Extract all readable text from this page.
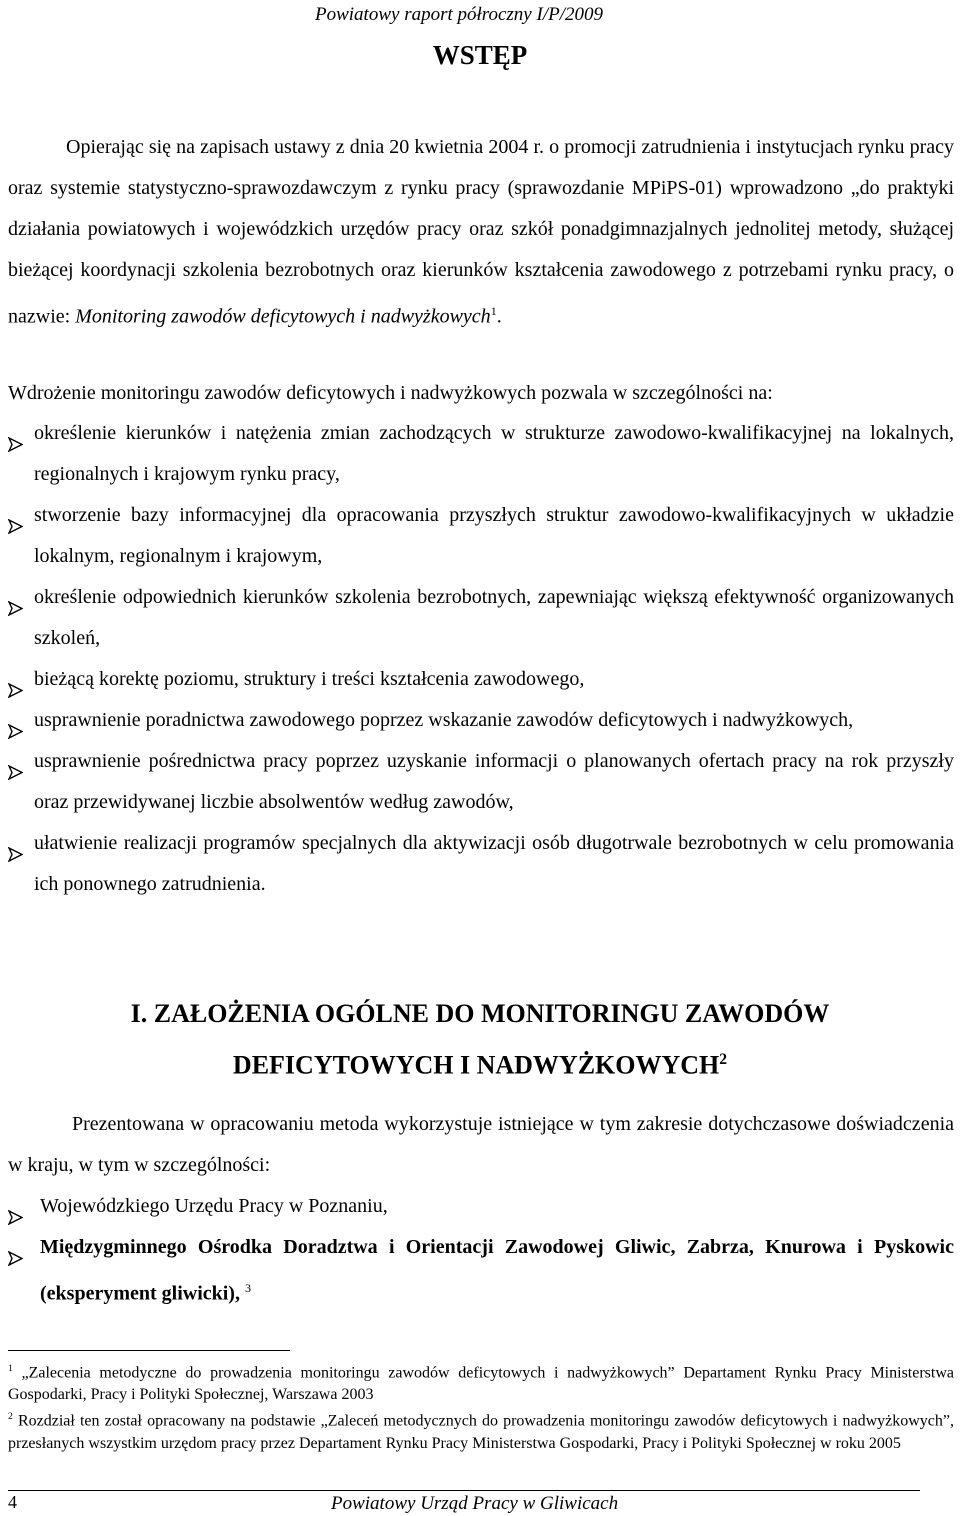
Powiatowy raport półroczny I/P/2009
WSTĘP
Opierając się na zapisach ustawy z dnia 20 kwietnia 2004 r. o promocji zatrudnienia i instytucjach rynku pracy oraz systemie statystyczno-sprawozdawczym z rynku pracy (sprawozdanie MPiPS-01) wprowadzono „do praktyki działania powiatowych i wojewódzkich urzędów pracy oraz szkół ponadgimnazjalnych jednolitej metody, służącej bieżącej koordynacji szkolenia bezrobotnych oraz kierunków kształcenia zawodowego z potrzebami rynku pracy, o nazwie: Monitoring zawodów deficytowych i nadwyżkowych$^1$.
Wdrożenie monitoringu zawodów deficytowych i nadwyżkowych pozwala w szczególności na:
określenie kierunków i natężenia zmian zachodzących w strukturze zawodowo-kwalifikacyjnej na lokalnych, regionalnych i krajowym rynku pracy,
stworzenie bazy informacyjnej dla opracowania przyszłych struktur zawodowo-kwalifikacyjnych w układzie lokalnym, regionalnym i krajowym,
określenie odpowiednich kierunków szkolenia bezrobotnych, zapewniając większą efektywność organizowanych szkoleń,
bieżącą korektę poziomu, struktury i treści kształcenia zawodowego,
usprawnienie poradnictwa zawodowego poprzez wskazanie zawodów deficytowych i nadwyżkowych,
usprawnienie pośrednictwa pracy poprzez uzyskanie informacji o planowanych ofertach pracy na rok przyszły oraz przewidywanej liczbie absolwentów według zawodów,
ułatwienie realizacji programów specjalnych dla aktywizacji osób długotrwale bezrobotnych w celu promowania ich ponownego zatrudnienia.
I. ZAŁOŻENIA OGÓLNE DO MONITORINGU ZAWODÓW
DEFICYTOWYCH I NADWYŻKOWYCH$^2$
Prezentowana w opracowaniu metoda wykorzystuje istniejące w tym zakresie dotychczasowe doświadczenia w kraju, w tym w szczególności:
Wojewódzkiego Urzędu Pracy w Poznaniu,
Międzygminnego Ośrodka Doradztwa i Orientacji Zawodowej Gliwic, Zabrza, Knurowa i Pyskowic (eksperyment gliwicki), $^3$

$^1$ „Zalecenia metodyczne do prowadzenia monitoringu zawodów deficytowych i nadwyżkowych” Departament Rynku Pracy Ministerstwa Gospodarki, Pracy i Polityki Społecznej, Warszawa 2003

$^2$ Rozdział ten został opracowany na podstawie „Zaleceń metodycznych do prowadzenia monitoringu zawodów deficytowych i nadwyżkowych”, przesłanych wszystkim urzędom pracy przez Departament Rynku Pracy Ministerstwa Gospodarki, Pracy i Polityki Społecznej w roku 2005

4	Powiatowy Urząd Pracy w Gliwicach
